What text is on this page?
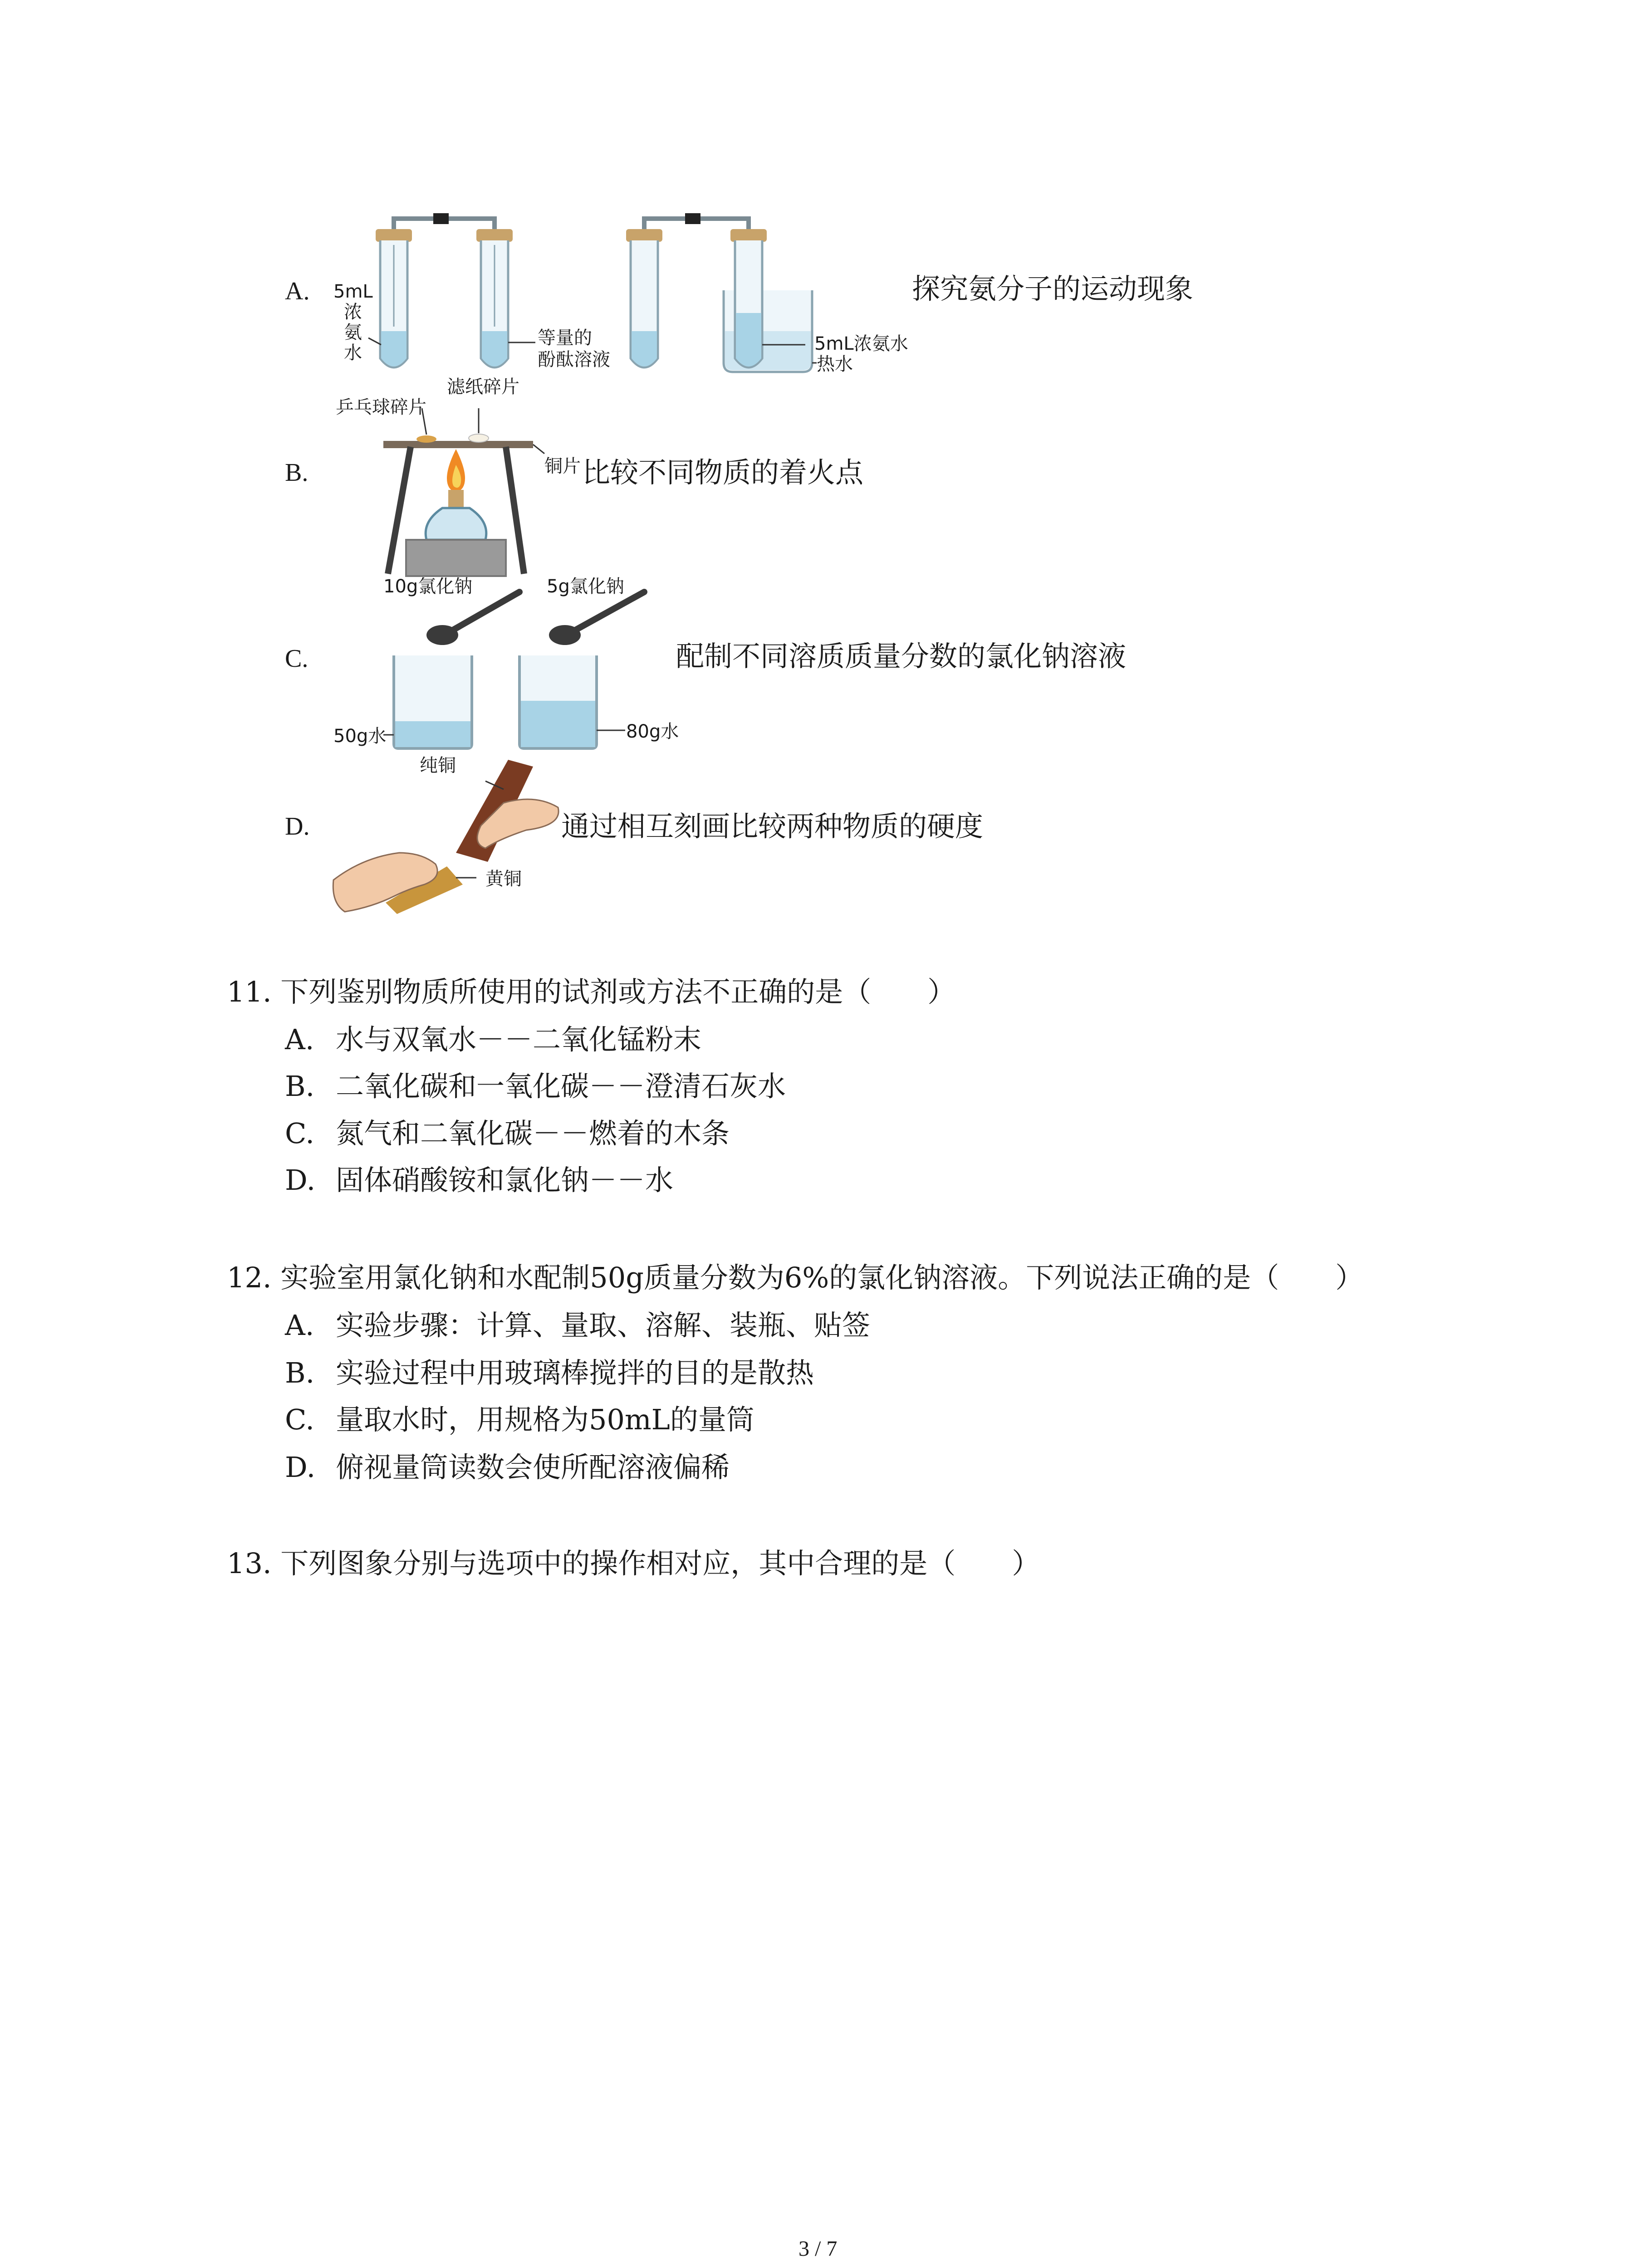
A. 5mL
浓
氨
水
等量的
酚酞溶液
5mL浓氨水
热水
探究氨分子的运动现象
B.
乒乓球碎片
滤纸碎片
铜片 比较不同物质的着火点
C.
10g氯化钠	5g氯化钠
50g水	80g水
配制不同溶质质量分数的氯化钠溶液
D.
纯铜
黄铜
通过相互刻画比较两种物质的硬度
11. 下列鉴别物质所使用的试剂或方法不正确的是（　　）
A. 水与双氧水－－二氧化锰粉末
B. 二氧化碳和一氧化碳－－澄清石灰水
C. 氮气和二氧化碳－－燃着的木条
D. 固体硝酸铵和氯化钠－－水
12. 实验室用氯化钠和水配制50g质量分数为6%的氯化钠溶液。下列说法正确的是（　　）
A. 实验步骤：计算、量取、溶解、装瓶、贴签
B. 实验过程中用玻璃棒搅拌的目的是散热
C. 量取水时，用规格为50mL的量筒
D. 俯视量筒读数会使所配溶液偏稀
13. 下列图象分别与选项中的操作相对应，其中合理的是（　　）
3 / 7
